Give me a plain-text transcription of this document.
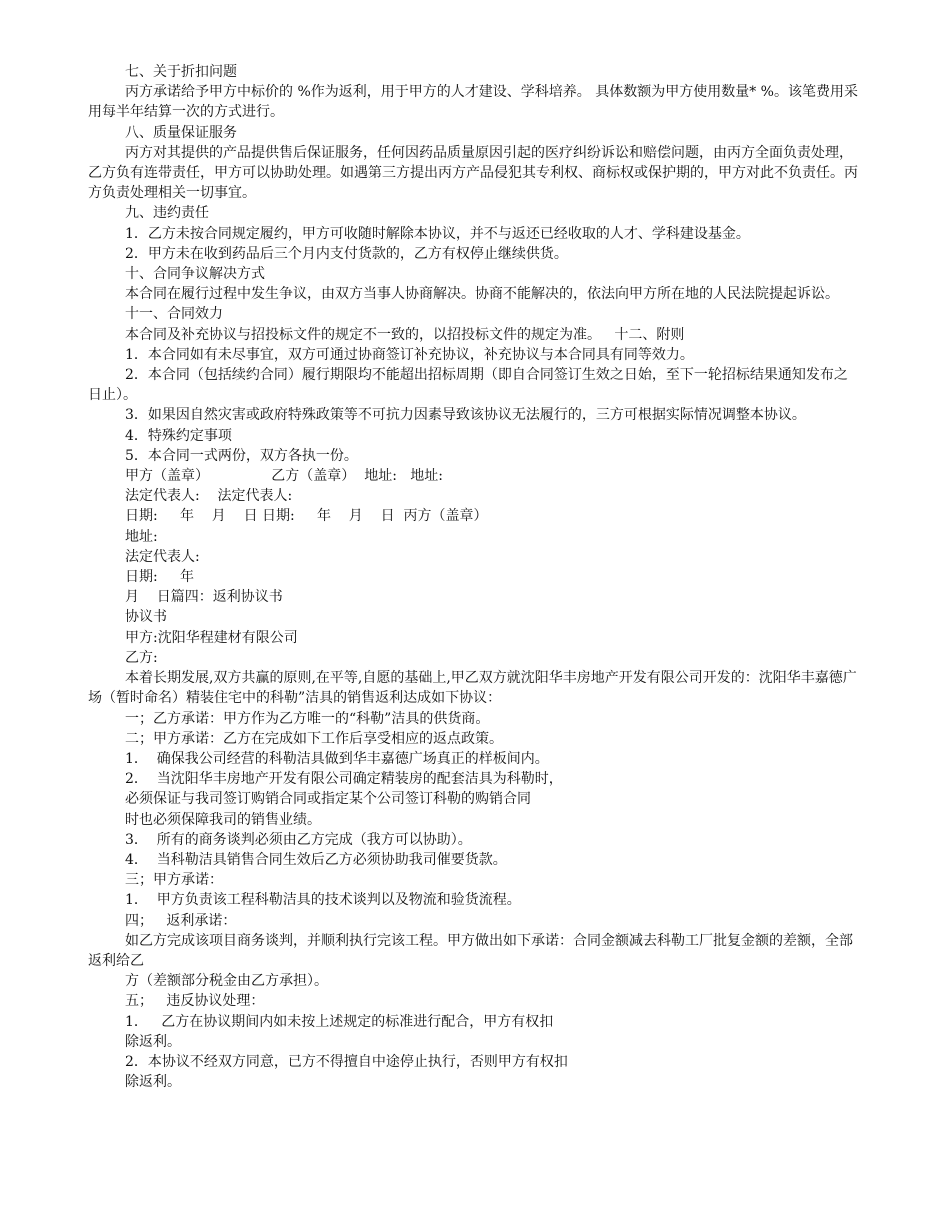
七、关于折扣问题

丙方承诺给予甲方中标价的 %作为返利，用于甲方的人才建设、学科培养。 具体数额为甲方使用数量* %。该笔费用采用每半年结算一次的方式进行。

八、质量保证服务

丙方对其提供的产品提供售后保证服务，任何因药品质量原因引起的医疗纠纷诉讼和赔偿问题，由丙方全面负责处理，乙方负有连带责任，甲方可以协助处理。如遇第三方提出丙方产品侵犯其专利权、商标权或保护期的，甲方对此不负责任。丙方负责处理相关一切事宜。

九、违约责任

1．乙方未按合同规定履约，甲方可收随时解除本协议，并不与返还已经收取的人才、学科建设基金。

2．甲方未在收到药品后三个月内支付货款的，乙方有权停止继续供货。

十、合同争议解决方式

本合同在履行过程中发生争议，由双方当事人协商解决。协商不能解决的，依法向甲方所在地的人民法院提起诉讼。

十一、合同效力

本合同及补充协议与招投标文件的规定不一致的，以招投标文件的规定为准。   十二、附则

1．本合同如有未尽事宜，双方可通过协商签订补充协议，补充协议与本合同具有同等效力。

2．本合同（包括续约合同）履行期限均不能超出招标周期（即自合同签订生效之日始，至下一轮招标结果通知发布之日止）。

3．如果因自然灾害或政府特殊政策等不可抗力因素导致该协议无法履行的，三方可根据实际情况调整本协议。

4．特殊约定事项

5．本合同一式两份，双方各执一份。

甲方（盖章）              乙方（盖章）  地址:   地址:

法定代表人:    法定代表人:

日期:     年    月    日 日期:     年    月    日  丙方（盖章）

地址:

法定代表人:

日期:     年

月    日篇四：返利协议书

协议书

甲方:沈阳华程建材有限公司

乙方:

本着长期发展,双方共赢的原则,在平等,自愿的基础上,甲乙双方就沈阳华丰房地产开发有限公司开发的：沈阳华丰嘉德广场（暂时命名）精装住宅中的科勒”洁具的销售返利达成如下协议：

一；乙方承诺：甲方作为乙方唯一的“科勒”洁具的供货商。

二；甲方承诺：乙方在完成如下工作后享受相应的返点政策。

1．  确保我公司经营的科勒洁具做到华丰嘉德广场真正的样板间内。

2．  当沈阳华丰房地产开发有限公司确定精装房的配套洁具为科勒时，

必须保证与我司签订购销合同或指定某个公司签订科勒的购销合同

时也必须保障我司的销售业绩。

3．  所有的商务谈判必须由乙方完成（我方可以协助）。

4．  当科勒洁具销售合同生效后乙方必须协助我司催要货款。

三；甲方承诺：

1．  甲方负责该工程科勒洁具的技术谈判以及物流和验货流程。

四；   返利承诺：

如乙方完成该项目商务谈判，并顺利执行完该工程。甲方做出如下承诺：合同金额减去科勒工厂批复金额的差额，全部返利给乙

方（差额部分税金由乙方承担）。

五；   违反协议处理：

1．   乙方在协议期间内如未按上述规定的标准进行配合，甲方有权扣

除返利。

2．本协议不经双方同意，已方不得擅自中途停止执行，否则甲方有权扣

除返利。
